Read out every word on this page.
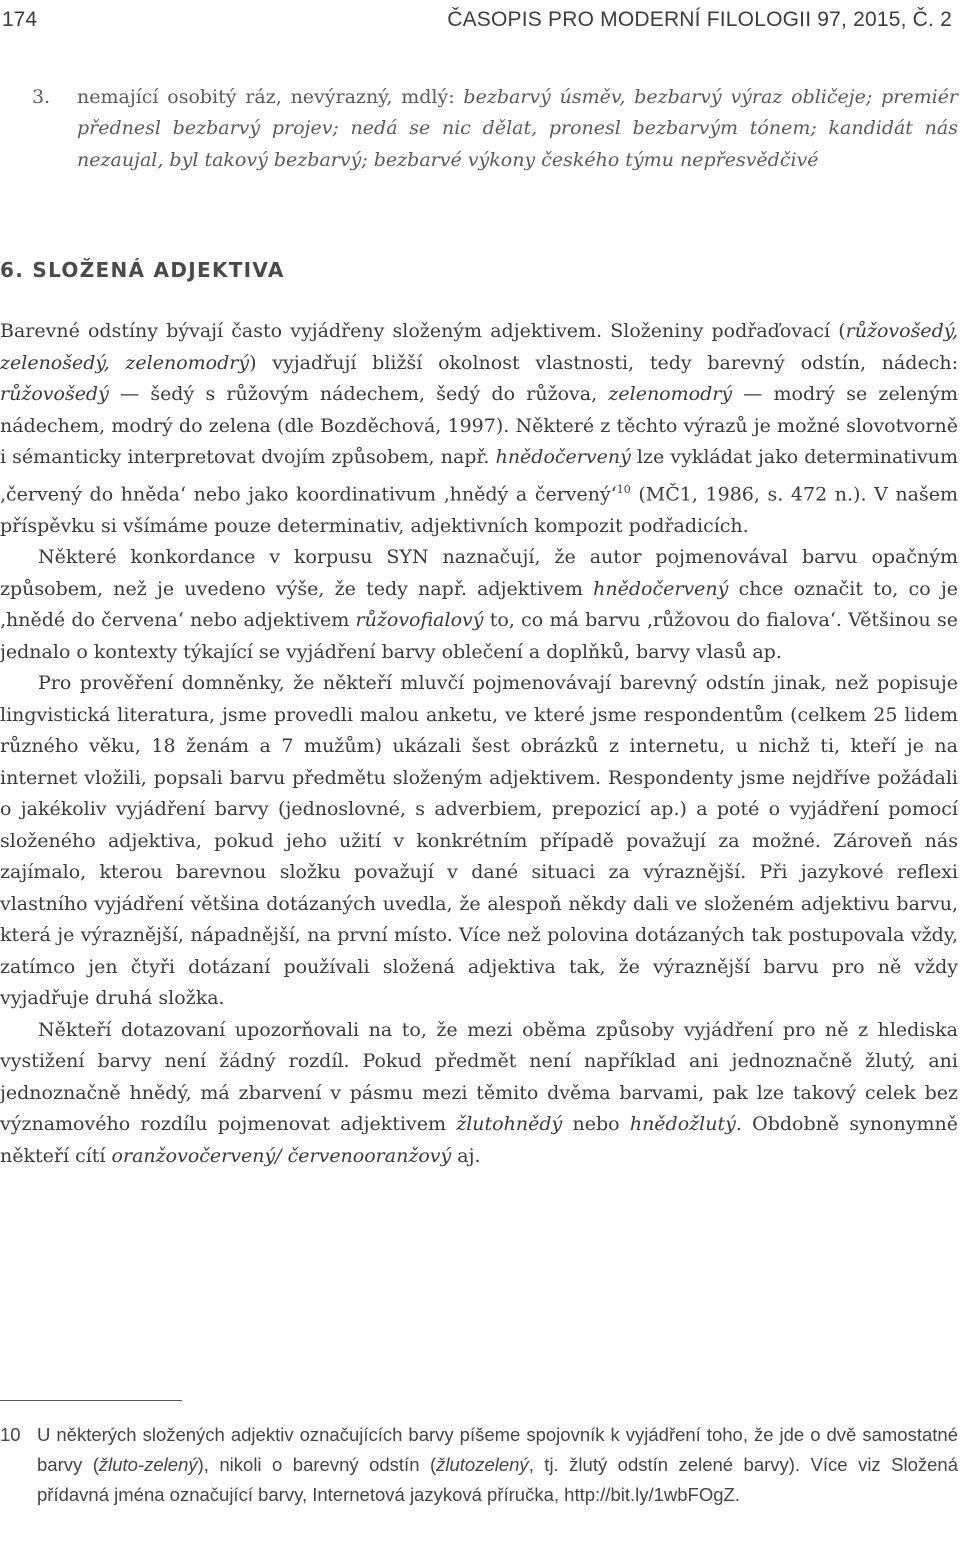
174	ČASOPIS PRO MODERNÍ FILOLOGII 97, 2015, Č. 2

3. nemající osobitý ráz, nevýrazný, mdlý: bezbarvý úsměv, bezbarvý výraz obličeje; premiér přednesl bezbarvý projev; nedá se nic dělat, pronesl bezbarvým tónem; kandidát nás nezaujal, byl takový bezbarvý; bezbarvé výkony českého týmu nepřesvědčivé

6. SLOŽENÁ ADJEKTIVA

Barevné odstíny bývají často vyjádřeny složeným adjektivem. Složeniny podřaďovací (růžovošedý, zelenošedý, zelenomodrý) vyjadřují bližší okolnost vlastnosti, tedy barevný odstín, nádech: růžovošedý — šedý s růžovým nádechem, šedý do růžova, zelenomodrý — modrý se zeleným nádechem, modrý do zelena (dle Bozděchová, 1997). Některé z těchto výrazů je možné slovotvorně i sémanticky interpretovat dvojím způsobem, např. hnědočervený lze vykládat jako determinativum ‚červený do hněda‘ nebo jako koordinativum ‚hnědý a červený‘$^{10}$ (MČ1, 1986, s. 472 n.). V našem příspěvku si všímáme pouze determinativ, adjektivních kompozit podřadicích.

Některé konkordance v korpusu SYN naznačují, že autor pojmenovával barvu opačným způsobem, než je uvedeno výše, že tedy např. adjektivem hnědočervený chce označit to, co je ‚hnědé do červena‘ nebo adjektivem růžovofialový to, co má barvu ‚růžovou do fialova‘. Většinou se jednalo o kontexty týkající se vyjádření barvy oblečení a doplňků, barvy vlasů ap.

Pro prověření domněnky, že někteří mluvčí pojmenovávají barevný odstín jinak, než popisuje lingvistická literatura, jsme provedli malou anketu, ve které jsme respondentům (celkem 25 lidem různého věku, 18 ženám a 7 mužům) ukázali šest obrázků z internetu, u nichž ti, kteří je na internet vložili, popsali barvu předmětu složeným adjektivem. Respondenty jsme nejdříve požádali o jakékoliv vyjádření barvy (jednoslovné, s adverbiem, prepozicí ap.) a poté o vyjádření pomocí složeného adjektiva, pokud jeho užití v konkrétním případě považují za možné. Zároveň nás zajímalo, kterou barevnou složku považují v dané situaci za výraznější. Při jazykové reflexi vlastního vyjádření většina dotázaných uvedla, že alespoň někdy dali ve složeném adjektivu barvu, která je výraznější, nápadnější, na první místo. Více než polovina dotázaných tak postupovala vždy, zatímco jen čtyři dotázaní používali složená adjektiva tak, že výraznější barvu pro ně vždy vyjadřuje druhá složka.

Někteří dotazovaní upozorňovali na to, že mezi oběma způsoby vyjádření pro ně z hlediska vystižení barvy není žádný rozdíl. Pokud předmět není například ani jednoznačně žlutý, ani jednoznačně hnědý, má zbarvení v pásmu mezi těmito dvěma barvami, pak lze takový celek bez významového rozdílu pojmenovat adjektivem žlutohnědý nebo hnědožlutý. Obdobně synonymně někteří cítí oranžovočervený/ červenooranžový aj.

10 U některých složených adjektiv označujících barvy píšeme spojovník k vyjádření toho, že jde o dvě samostatné barvy (žluto-zelený), nikoli o barevný odstín (žlutozelený, tj. žlutý odstín zelené barvy). Více viz Složená přídavná jména označující barvy, Internetová jazyková příručka, http://bit.ly/1wbFOgZ.
